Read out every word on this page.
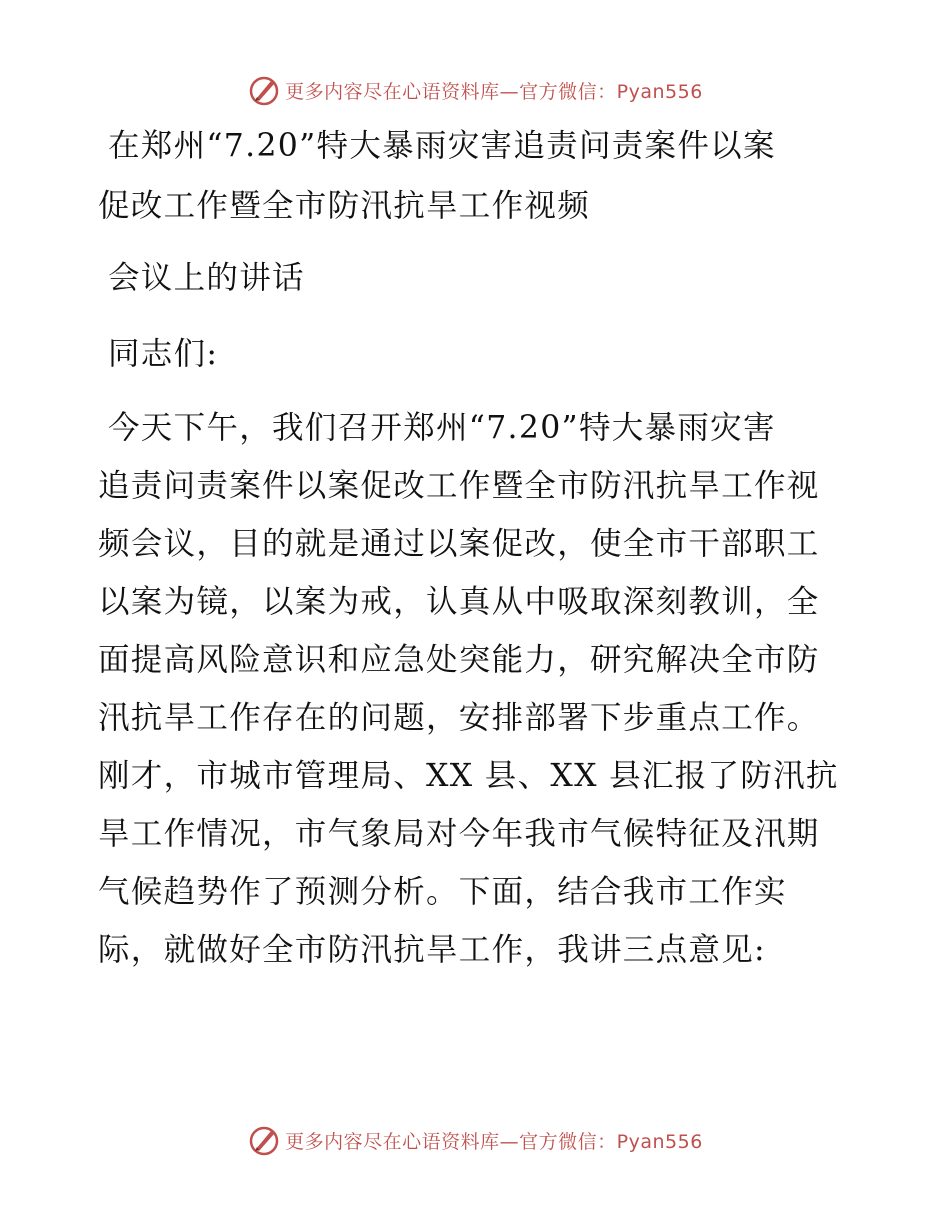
更多内容尽在心语资料库—官方微信：Pyan556
在郑州“7.20”特大暴雨灾害追责问责案件以案
促改工作暨全市防汛抗旱工作视频
会议上的讲话
同志们:
今天下午，我们召开郑州“7.20”特大暴雨灾害
追责问责案件以案促改工作暨全市防汛抗旱工作视
频会议，目的就是通过以案促改，使全市干部职工
以案为镜，以案为戒，认真从中吸取深刻教训，全
面提高风险意识和应急处突能力，研究解决全市防
汛抗旱工作存在的问题，安排部署下步重点工作。
刚才，市城市管理局、XX 县、XX 县汇报了防汛抗
旱工作情况，市气象局对今年我市气候特征及汛期
气候趋势作了预测分析。下面，结合我市工作实
际，就做好全市防汛抗旱工作，我讲三点意见:
更多内容尽在心语资料库—官方微信：Pyan556
